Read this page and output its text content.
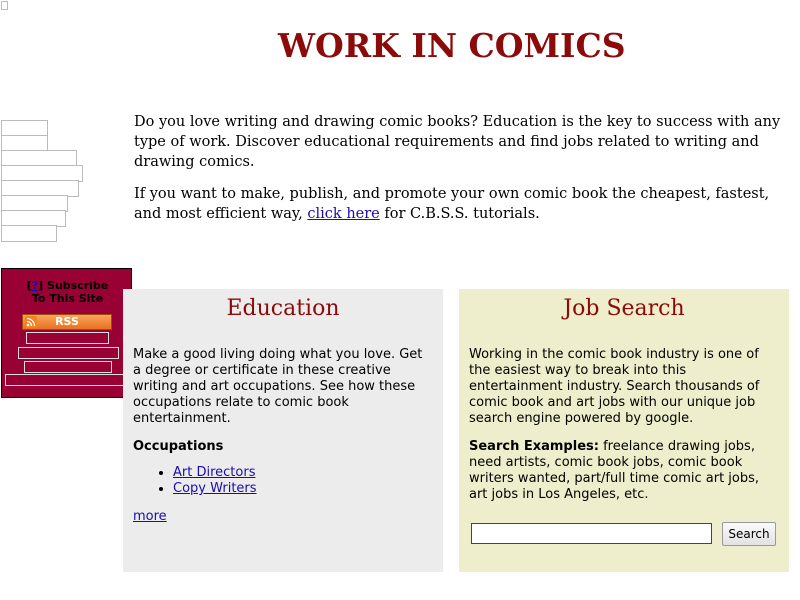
WORK IN COMICS

Do you love writing and drawing comic books? Education is the key to success with any type of work. Discover educational requirements and find jobs related to writing and drawing comics.

If you want to make, publish, and promote your own comic book the cheapest, fastest, and most efficient way, click here for C.B.S.S. tutorials.

[?] Subscribe
To This Site
RSS
Education

Make a good living doing what you love. Get a degree or certificate in these creative writing and art occupations. See how these occupations relate to comic book entertainment.

Occupations
• Art Directors
• Copy Writers
more
Job Search

Working in the comic book industry is one of the easiest way to break into this entertainment industry. Search thousands of comic book and art jobs with our unique job search engine powered by google.

Search Examples: freelance drawing jobs, need artists, comic book jobs, comic book writers wanted, part/full time comic art jobs, art jobs in Los Angeles, etc.

Search
